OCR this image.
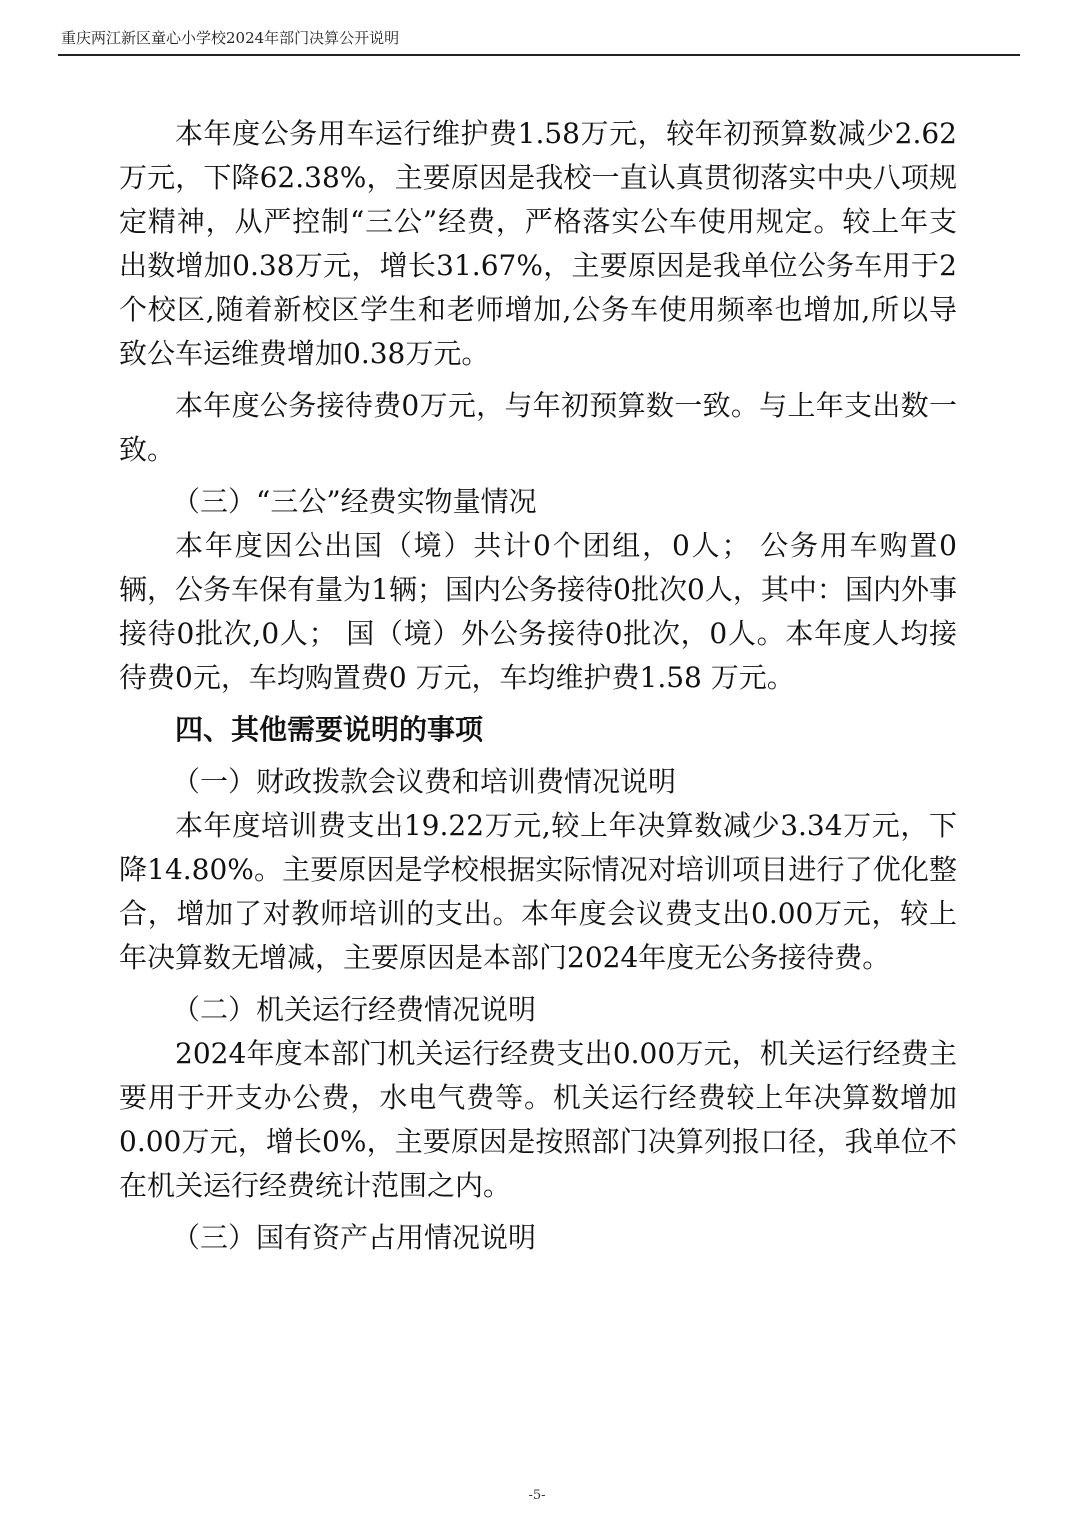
重庆两江新区童心小学校2024年部门决算公开说明

本年度公务用车运行维护费1.58万元，较年初预算数减少2.62万元，下降62.38%，主要原因是我校一直认真贯彻落实中央八项规定精神，从严控制“三公”经费，严格落实公车使用规定。较上年支出数增加0.38万元，增长31.67%，主要原因是我单位公务车用于2个校区,随着新校区学生和老师增加,公务车使用频率也增加,所以导致公车运维费增加0.38万元。

本年度公务接待费0万元，与年初预算数一致。与上年支出数一致。

（三）“三公”经费实物量情况

本年度因公出国（境）共计0个团组，0人； 公务用车购置0辆，公务车保有量为1辆；国内公务接待0批次0人，其中：国内外事接待0批次,0人； 国（境）外公务接待0批次，0人。本年度人均接待费0元，车均购置费0 万元，车均维护费1.58 万元。

四、其他需要说明的事项

（一）财政拨款会议费和培训费情况说明

本年度培训费支出19.22万元,较上年决算数减少3.34万元，下降14.80%。主要原因是学校根据实际情况对培训项目进行了优化整合，增加了对教师培训的支出。本年度会议费支出0.00万元，较上年决算数无增减，主要原因是本部门2024年度无公务接待费。

（二）机关运行经费情况说明

2024年度本部门机关运行经费支出0.00万元，机关运行经费主要用于开支办公费，水电气费等。机关运行经费较上年决算数增加0.00万元，增长0%，主要原因是按照部门决算列报口径，我单位不在机关运行经费统计范围之内。

（三）国有资产占用情况说明

-5-
